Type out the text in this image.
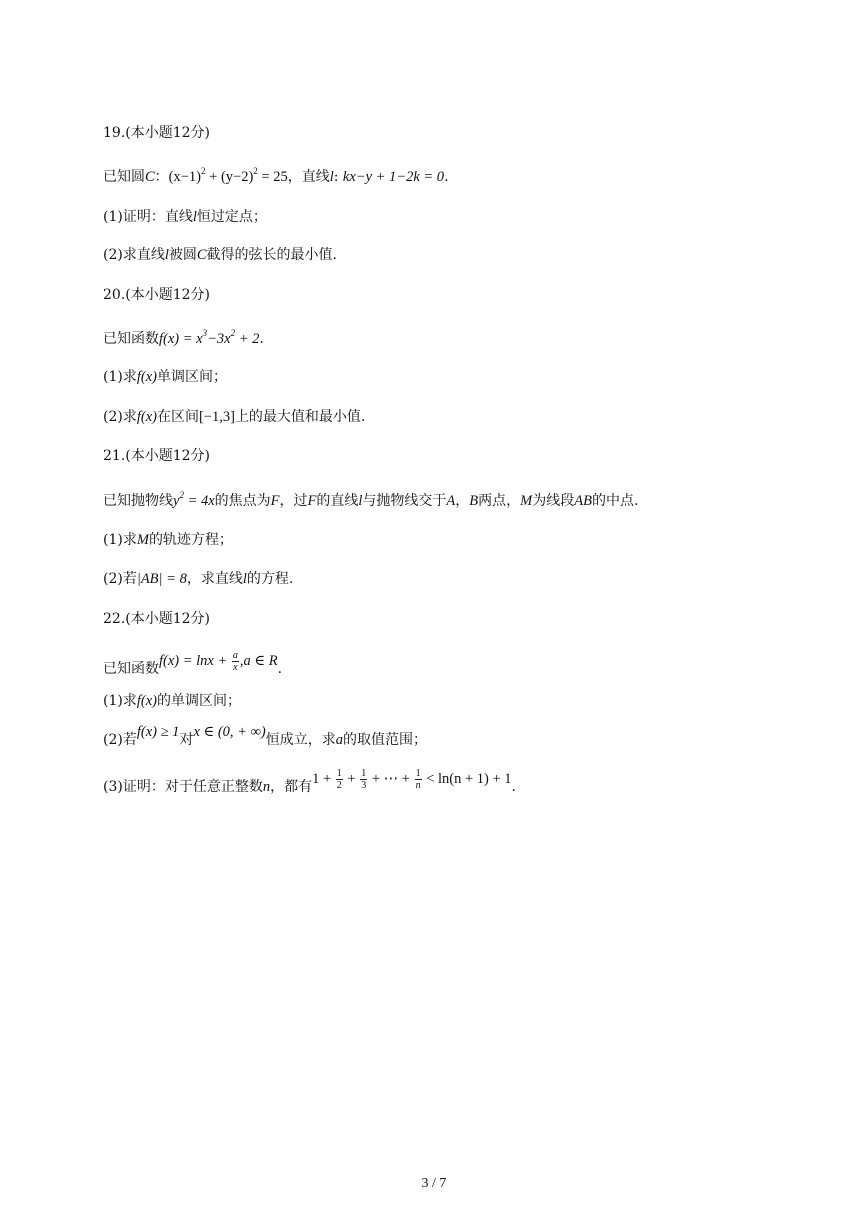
19.(本小题12分)
已知圆C：$(x-1)^2 + (y-2)^2 = 25$，直线l: kx−y + 1−2k = 0.
(1)证明：直线l恒过定点；
(2)求直线l被圆C截得的弦长的最小值.
20.(本小题12分)
已知函数$f(x) = x^3-3x^2 + 2$.
(1)求f(x)单调区间；
(2)求f(x)在区间[−1,3]上的最大值和最小值.
21.(本小题12分)
已知抛物线$y^2 = 4x$的焦点为F，过F的直线l与抛物线交于A，B两点，M为线段AB的中点.
(1)求M的轨迹方程；
(2)若|AB| = 8，求直线l的方程.
22.(本小题12分)
已知函数$f(x) = \ln x + \frac{a}{x} ,a$ ∈ R.
(1)求f(x)的单调区间；
(2)若f(x) ≥ 1对x ∈ (0, + ∞)恒成立，求a的取值范围；
(3)证明：对于任意正整数n，都有$1 + \frac{1}{2} + \frac{1}{3}$ + ⋯ + $\frac{1}{n} < \ln(n + 1) + 1$.
3 / 7
